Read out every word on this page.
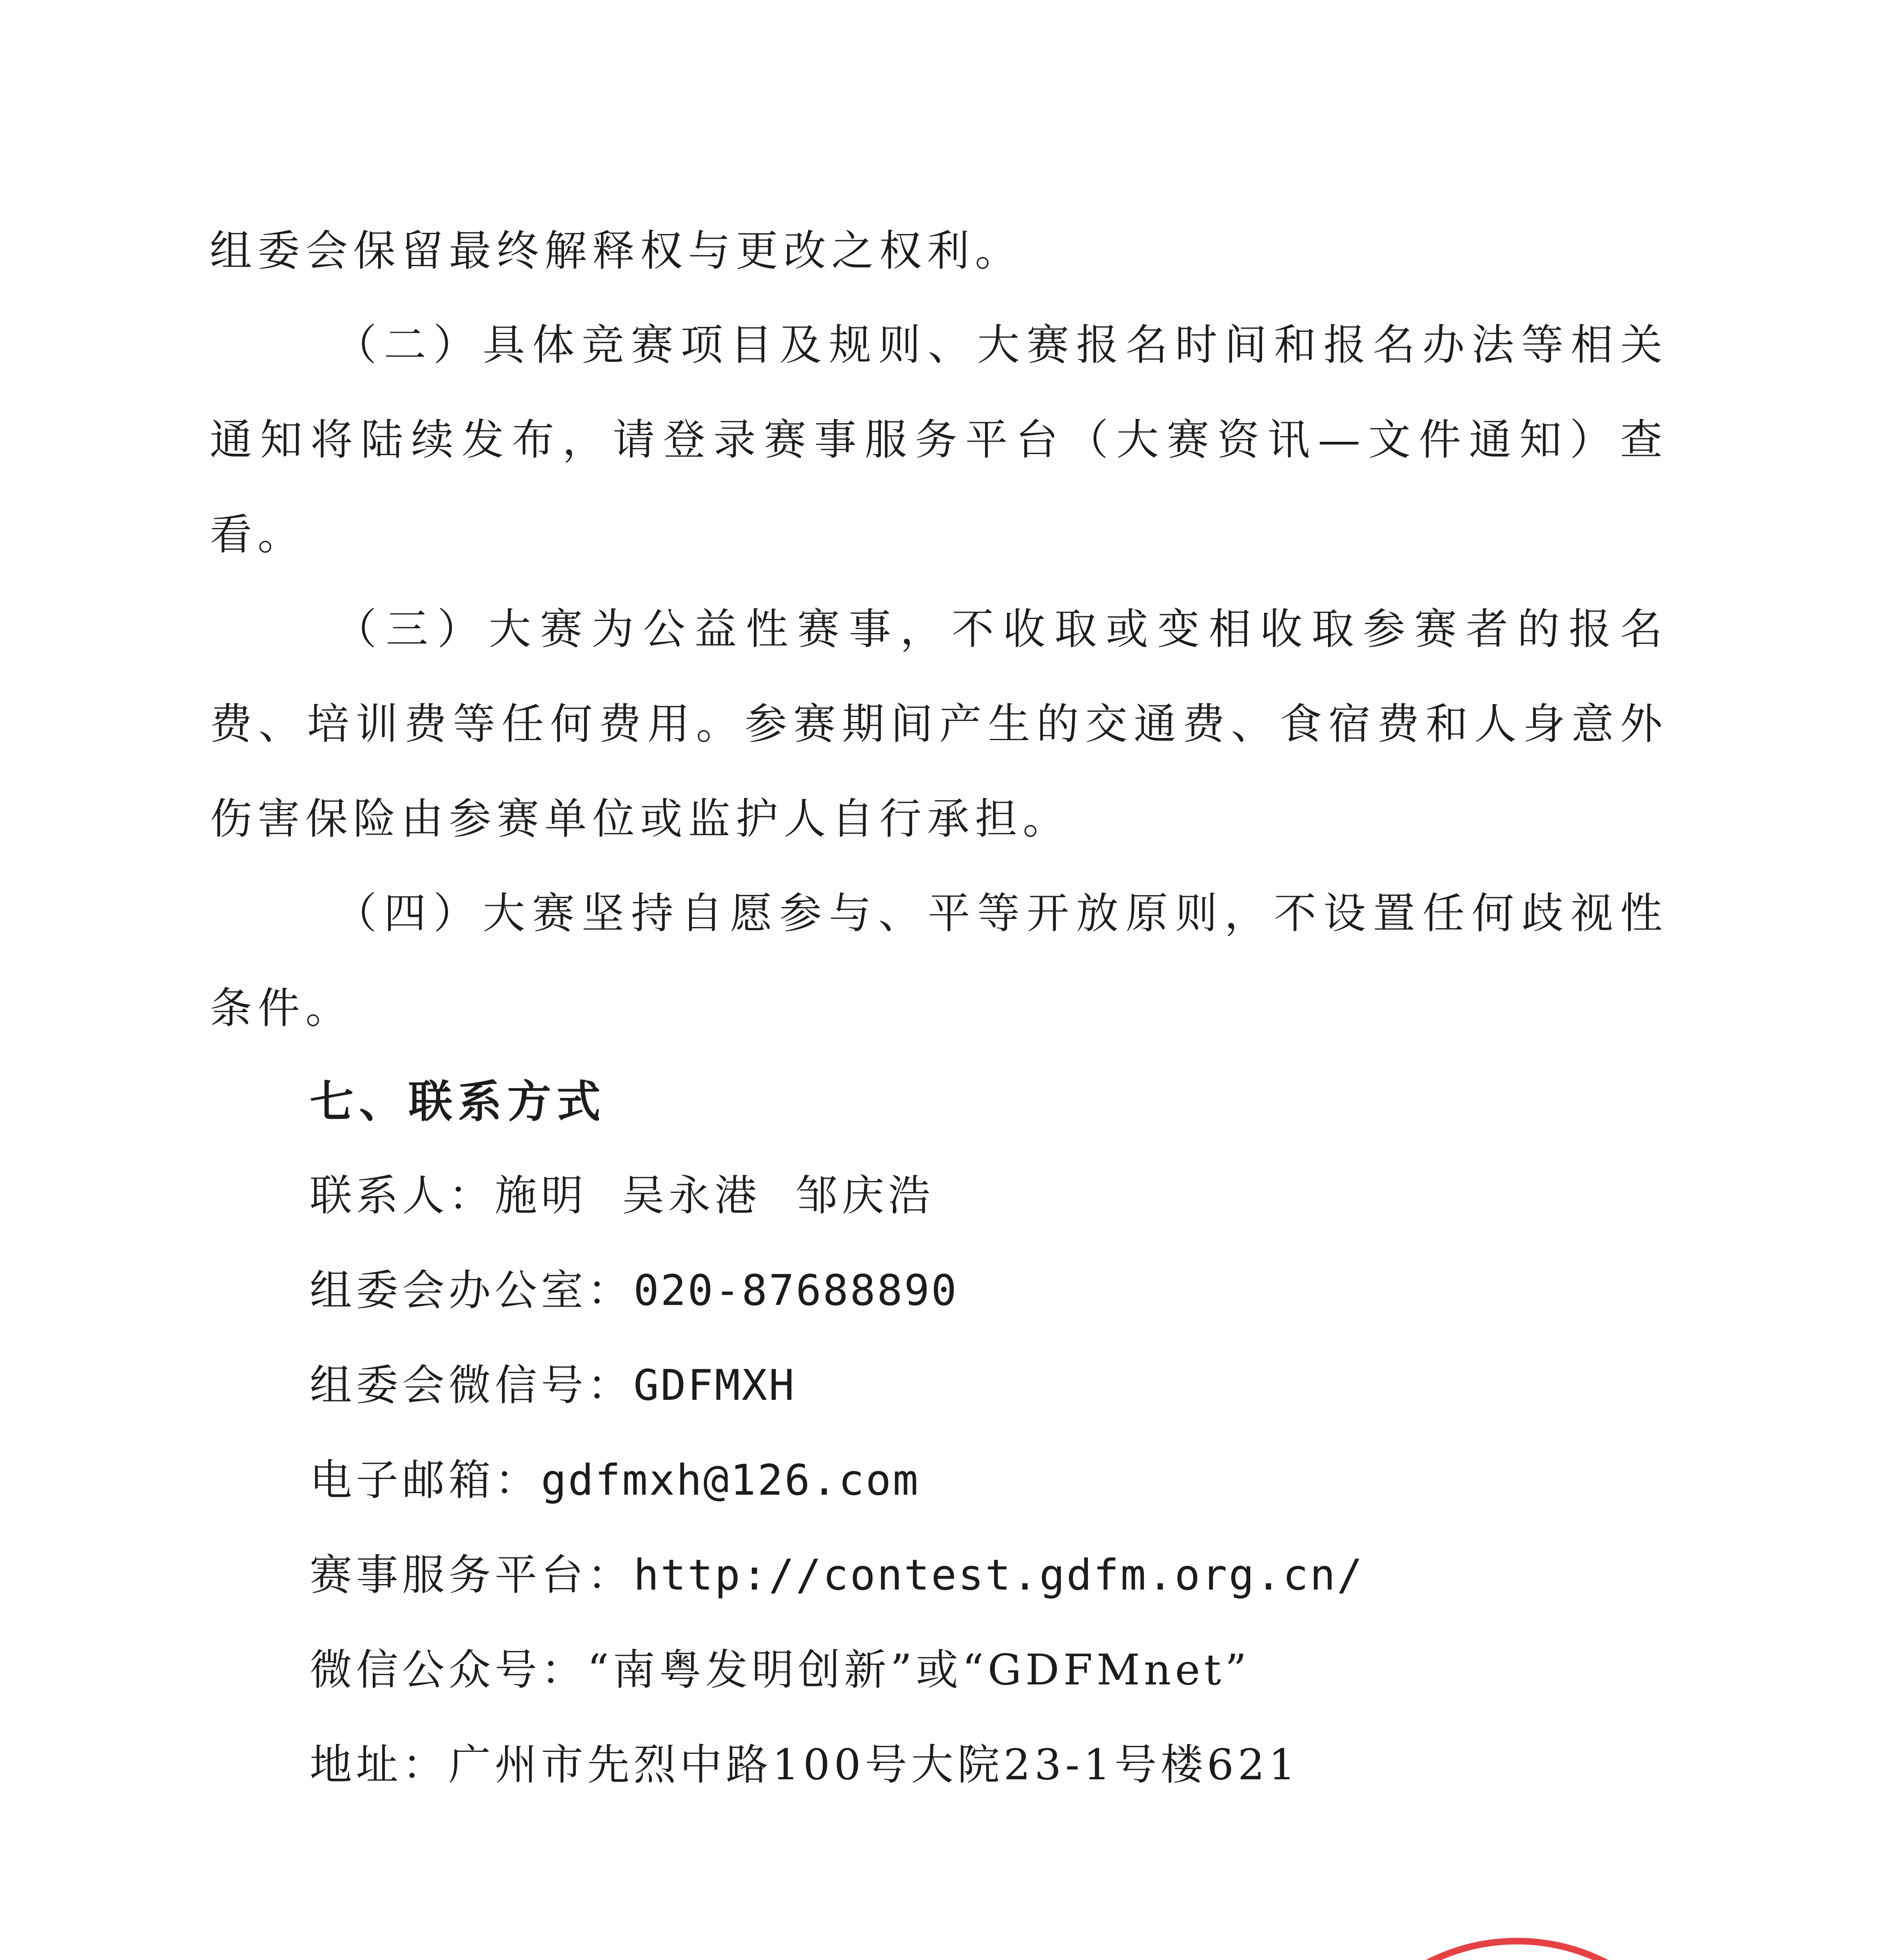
组委会保留最终解释权与更改之权利。

（二）具体竞赛项目及规则、大赛报名时间和报名办法等相关通知将陆续发布，请登录赛事服务平台（大赛资讯—文件通知）查看。

（三）大赛为公益性赛事，不收取或变相收取参赛者的报名费、培训费等任何费用。参赛期间产生的交通费、食宿费和人身意外伤害保险由参赛单位或监护人自行承担。

（四）大赛坚持自愿参与、平等开放原则，不设置任何歧视性条件。

七、联系方式
联系人：施明  吴永港  邹庆浩
组委会办公室：020-87688890
组委会微信号：GDFMXH
电子邮箱：gdfmxh@126.com
赛事服务平台：http://contest.gdfm.org.cn/
微信公众号：“南粤发明创新”或“GDFMnet”
地址：广州市先烈中路100号大院23-1号楼621
